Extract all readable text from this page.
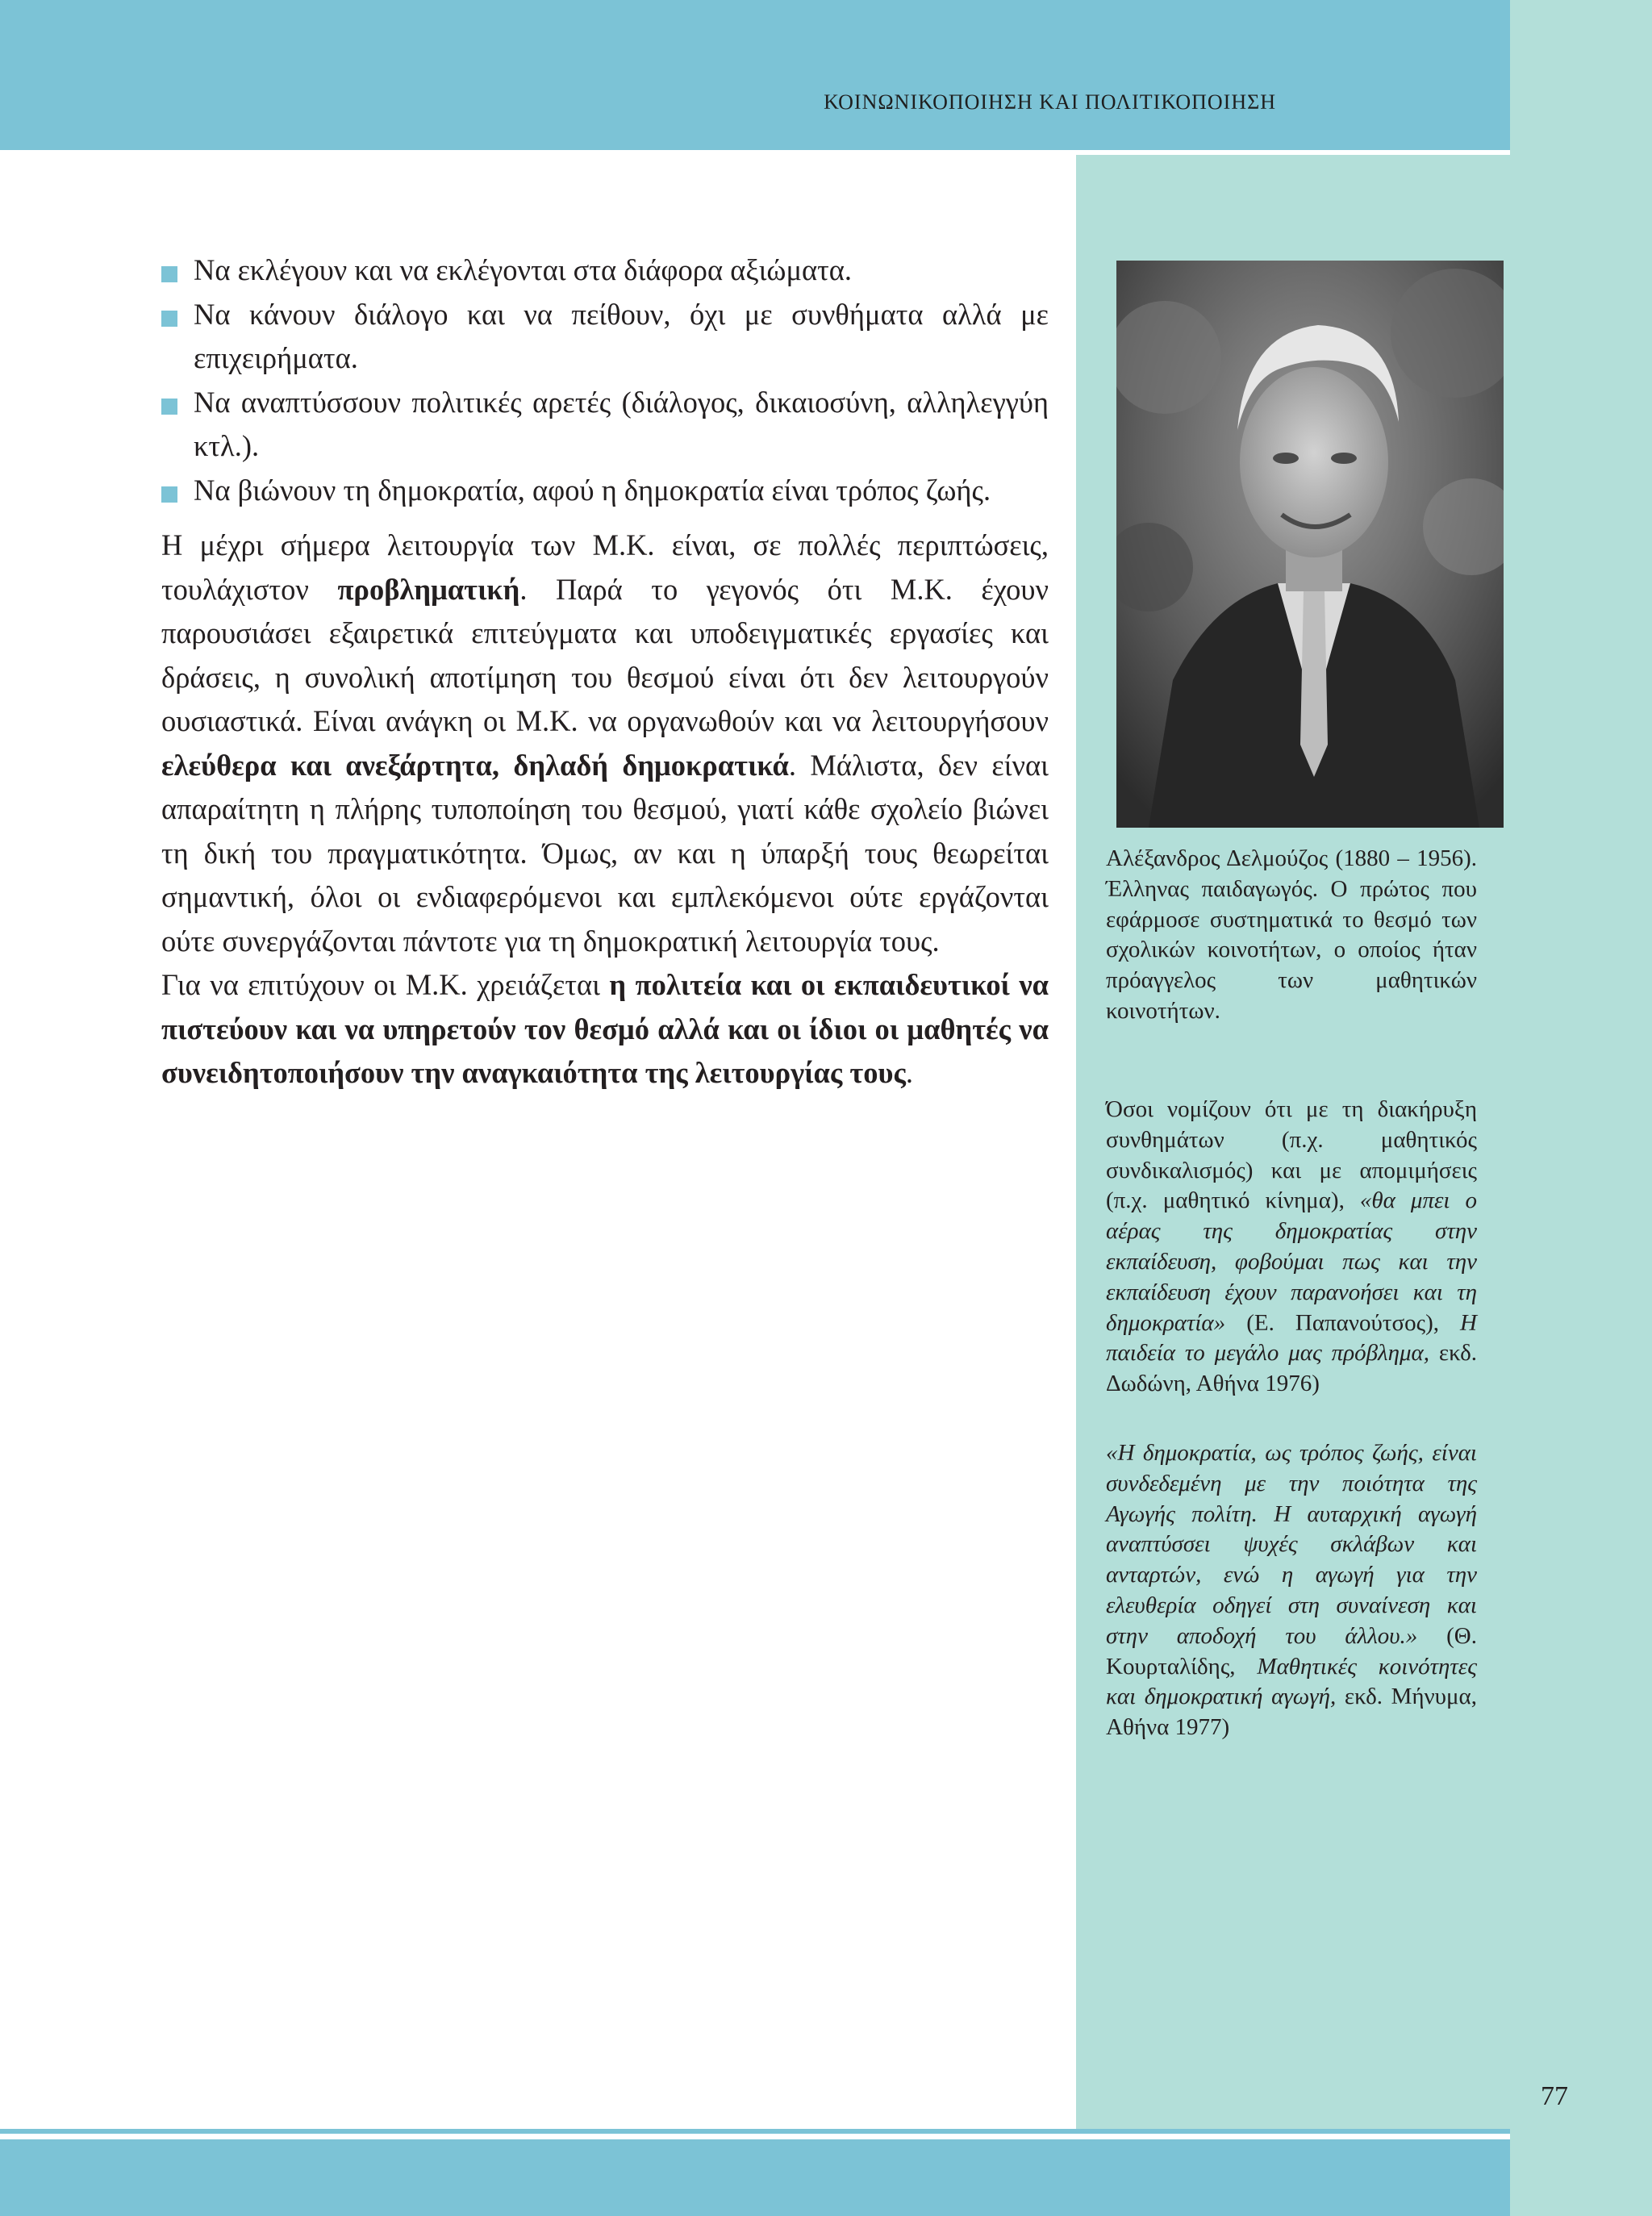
ΚΟΙΝΩΝΙΚΟΠΟΙΗΣΗ ΚΑΙ ΠΟΛΙΤΙΚΟΠΟΙΗΣΗ
Να εκλέγουν και να εκλέγονται στα διάφορα αξιώματα.
Να κάνουν διάλογο και να πείθουν, όχι με συνθήματα αλλά με επιχειρήματα.
Να αναπτύσσουν πολιτικές αρετές (διάλογος, δικαιοσύνη, αλληλεγγύη κτλ.).
Να βιώνουν τη δημοκρατία, αφού η δημοκρατία είναι τρόπος ζωής.

Η μέχρι σήμερα λειτουργία των Μ.Κ. είναι, σε πολλές περιπτώσεις, τουλάχιστον προβληματική. Παρά το γεγονός ότι Μ.Κ. έχουν παρουσιάσει εξαιρετικά επιτεύγματα και υποδειγματικές εργασίες και δράσεις, η συνολική αποτίμηση του θεσμού είναι ότι δεν λειτουργούν ουσιαστικά. Είναι ανάγκη οι Μ.Κ. να οργανωθούν και να λειτουργήσουν ελεύθερα και ανεξάρτητα, δηλαδή δημοκρατικά. Μάλιστα, δεν είναι απαραίτητη η πλήρης τυποποίηση του θεσμού, γιατί κάθε σχολείο βιώνει τη δική του πραγματικότητα. Όμως, αν και η ύπαρξή τους θεωρείται σημαντική, όλοι οι ενδιαφερόμενοι και εμπλεκόμενοι ούτε εργάζονται ούτε συνεργάζονται πάντοτε για τη δημοκρατική λειτουργία τους.

Για να επιτύχουν οι Μ.Κ. χρειάζεται η πολιτεία και οι εκπαιδευτικοί να πιστεύουν και να υπηρετούν τον θεσμό αλλά και οι ίδιοι οι μαθητές να συνειδητοποιήσουν την αναγκαιότητα της λειτουργίας τους.

Αλέξανδρος Δελμούζος (1880 – 1956). Έλληνας παιδαγωγός. Ο πρώτος που εφάρμοσε συστηματικά το θεσμό των σχολικών κοινοτήτων, ο οποίος ήταν πρόαγγελος των μαθητικών κοινοτήτων.
Όσοι νομίζουν ότι με τη διακήρυξη συνθημάτων (π.χ. μαθητικός συνδικαλισμός) και με απομιμήσεις (π.χ. μαθητικό κίνημα), «θα μπει ο αέρας της δημοκρατίας στην εκπαίδευση, φοβούμαι πως και την εκπαίδευση έχουν παρανοήσει και τη δημοκρατία» (Ε. Παπανούτσος), Η παιδεία το μεγάλο μας πρόβλημα, εκδ. Δωδώνη, Αθήνα 1976)
«Η δημοκρατία, ως τρόπος ζωής, είναι συνδεδεμένη με την ποιότητα της Αγωγής πολίτη. Η αυταρχική αγωγή αναπτύσσει ψυχές σκλάβων και ανταρτών, ενώ η αγωγή για την ελευθερία οδηγεί στη συναίνεση και στην αποδοχή του άλλου.» (Θ. Κουρταλίδης, Μαθητικές κοινότητες και δημοκρατική αγωγή, εκδ. Μήνυμα, Αθήνα 1977)
77
